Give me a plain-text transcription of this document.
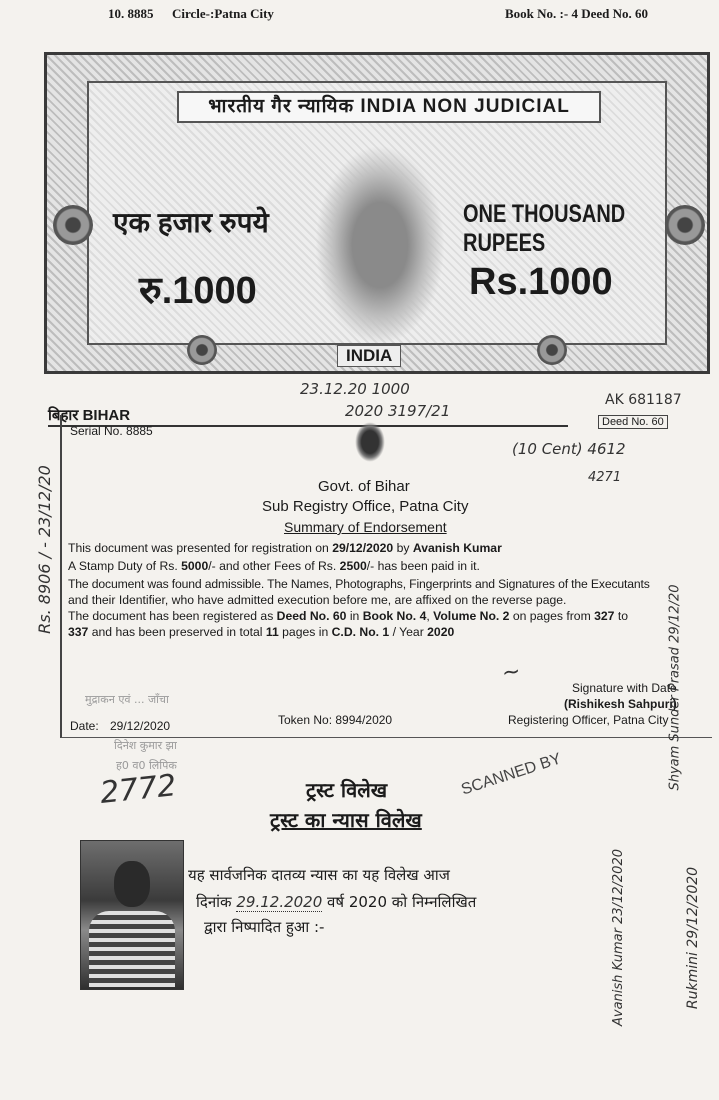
10. 8885 Circle-:Patna City	Book No. :- 4 Deed No. 60
भारतीय गैर न्यायिक INDIA NON JUDICIAL
एक हजार रुपये	ONE THOUSAND RUPEES
रु.1000	Rs.1000
INDIA
23.12.20 1000
AK 681187
2020 3197/21
Deed No. 60
(10 Cent) 4612
4271
बिहार BIHAR
Serial No. 8885
Govt. of Bihar
Sub Registry Office, Patna City
Summary of Endorsement
This document was presented for registration on 29/12/2020 by Avanish Kumar
A Stamp Duty of Rs. 5000/- and other Fees of Rs. 2500/- has been paid in it.
The document was found admissible. The Names, Photographs, Fingerprints and Signatures of the Executants
and their Identifier, who have admitted execution before me, are affixed on the reverse page.
The document has been registered as Deed No. 60 in Book No. 4, Volume No. 2 on pages from 327 to
337 and has been preserved in total 11 pages in C.D. No. 1 / Year 2020
मुद्राकन एवं ... जाँचा
Signature with Date
(Rishikesh Sahpuri)
Registering Officer, Patna City
Date: 29/12/2020	Token No: 8994/2020
~
दिनेश कुमार झा
ह0 व0 लिपिक
2772	ट्रस्ट विलेख
ट्रस्ट का न्यास विलेख
SCANNED BY
यह सार्वजनिक दातव्य न्यास का यह विलेख आज
दिनांक 29.12.2020 वर्ष 2020 को निम्नलिखित
द्वारा निष्पादित हुआ :-
Rs. 8906 / - 23/12/20
Avanish Kumar 23/12/2020	Rukmini 29/12/2020
Shyam Sunder Prasad 29/12/20
